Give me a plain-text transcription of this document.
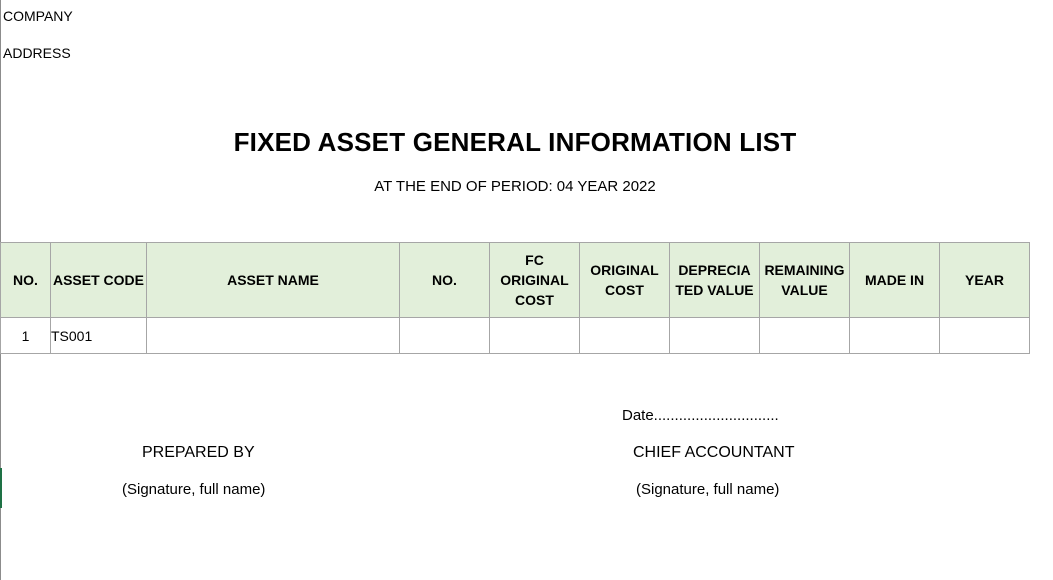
COMPANY
ADDRESS
FIXED ASSET GENERAL INFORMATION LIST
AT THE END OF PERIOD: 04 YEAR 2022
NO.	ASSET CODE	ASSET NAME	NO.	FC ORIGINAL COST	ORIGINAL COST	DEPRECIA TED VALUE	REMAINING VALUE	MADE IN	YEAR
1	TS001								
Date..............................
PREPARED BY	CHIEF ACCOUNTANT
(Signature, full name)	(Signature, full name)
